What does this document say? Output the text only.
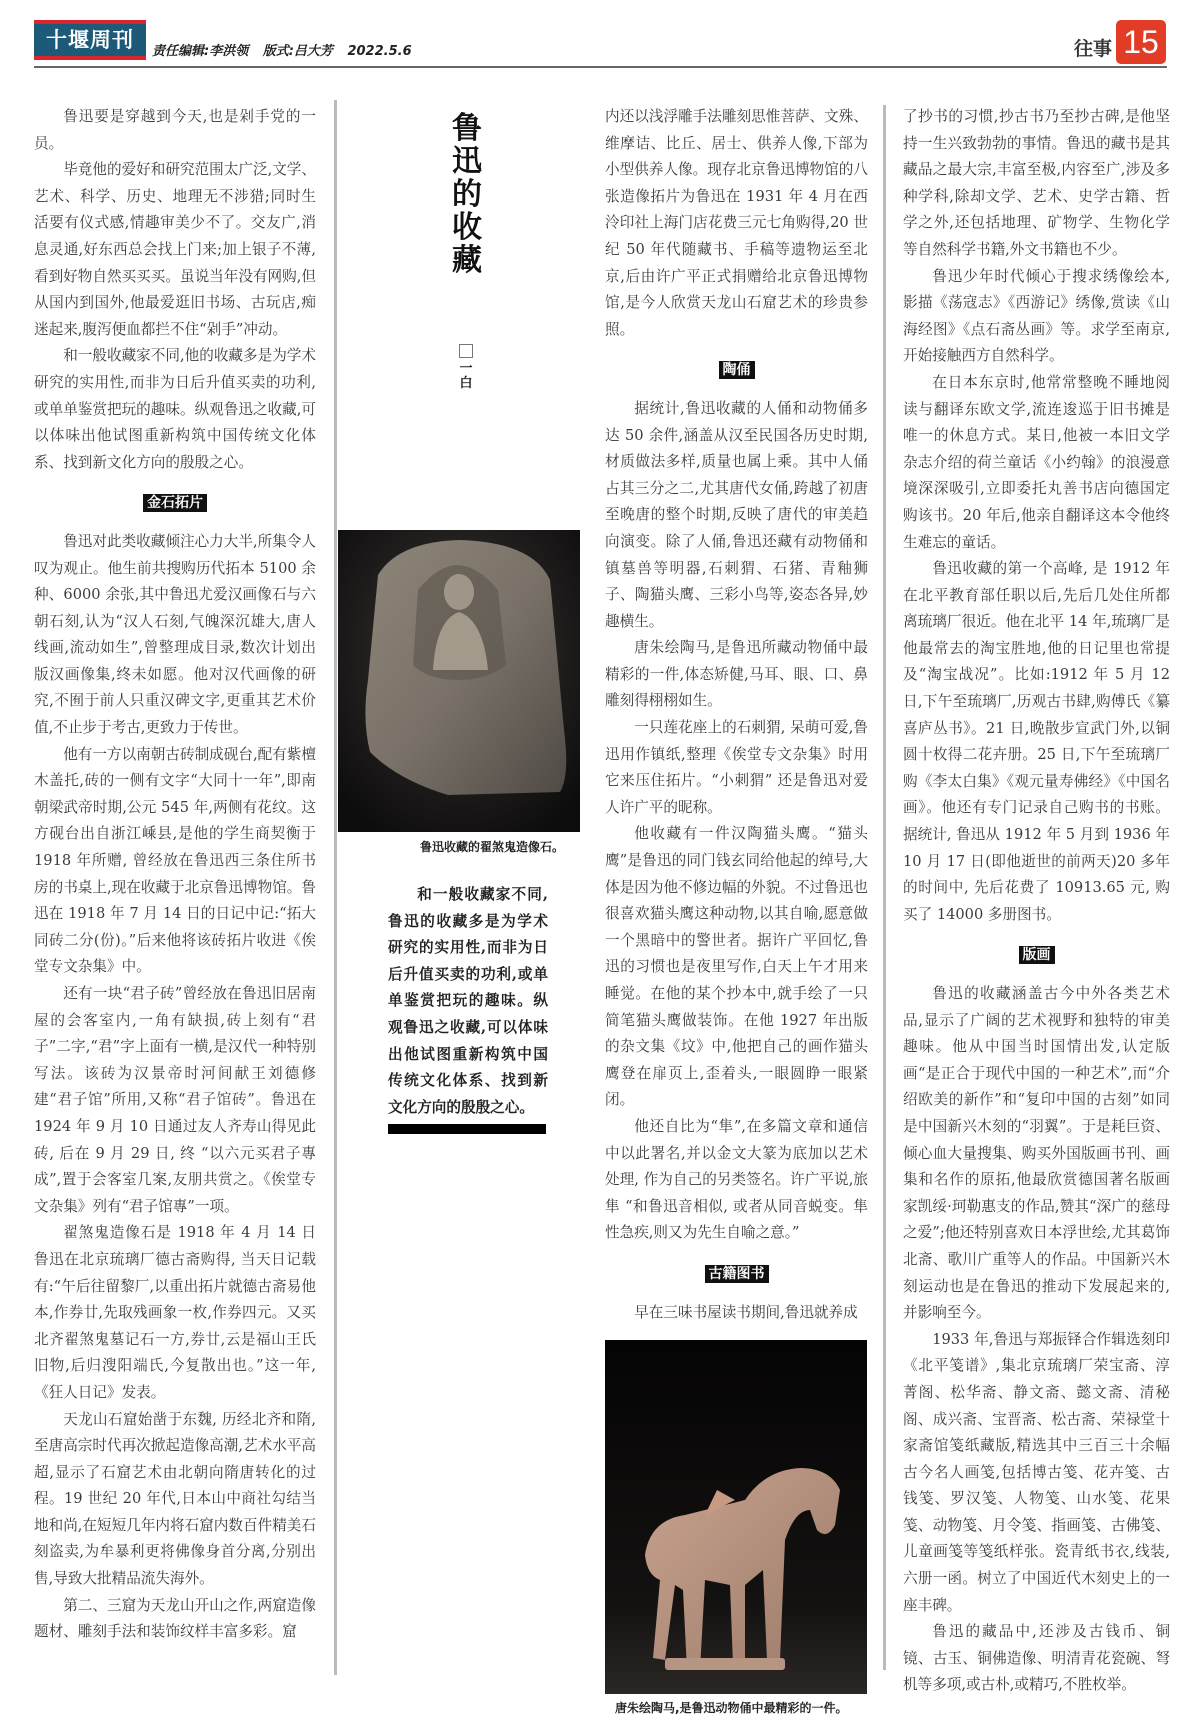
十堰周刊	责任编辑:李洪领 版式:吕大芳 2022.5.6	往事 15

鲁迅要是穿越到今天,也是剁手党的一员。

毕竟他的爱好和研究范围太广泛,文学、艺术、科学、历史、地理无不涉猎;同时生活要有仪式感,情趣审美少不了。交友广,消息灵通,好东西总会找上门来;加上银子不薄,看到好物自然买买买。虽说当年没有网购,但从国内到国外,他最爱逛旧书场、古玩店,痴迷起来,腹泻便血都拦不住“剁手”冲动。

和一般收藏家不同,他的收藏多是为学术研究的实用性,而非为日后升值买卖的功利,或单单鉴赏把玩的趣味。纵观鲁迅之收藏,可以体味出他试图重新构筑中国传统文化体系、找到新文化方向的殷殷之心。

金石拓片

鲁迅对此类收藏倾注心力大半,所集令人叹为观止。他生前共搜购历代拓本 5100 余种、6000 余张,其中鲁迅尤爱汉画像石与六朝石刻,认为“汉人石刻,气魄深沉雄大,唐人线画,流动如生”,曾整理成目录,数次计划出版汉画像集,终未如愿。他对汉代画像的研究,不囿于前人只重汉碑文字,更重其艺术价值,不止步于考古,更致力于传世。

他有一方以南朝古砖制成砚台,配有紫檀木盖托,砖的一侧有文字“大同十一年”,即南朝梁武帝时期,公元 545 年,两侧有花纹。这方砚台出自浙江嵊县,是他的学生商契衡于 1918 年所赠, 曾经放在鲁迅西三条住所书房的书桌上,现在收藏于北京鲁迅博物馆。鲁迅在 1918 年 7 月 14 日的日记中记:“拓大同砖二分(份)。”后来他将该砖拓片收进《俟堂专文杂集》中。

还有一块“君子砖”曾经放在鲁迅旧居南屋的会客室内,一角有缺损,砖上刻有“君子”二字,“君”字上面有一横,是汉代一种特别写法。该砖为汉景帝时河间献王刘德修建“君子馆”所用,又称“君子馆砖”。鲁迅在 1924 年 9 月 10 日通过友人齐寿山得见此砖, 后在 9 月 29 日, 终 “以六元买君子專成”,置于会客室几案,友朋共赏之。《俟堂专文杂集》列有“君子馆專”一项。

翟煞鬼造像石是 1918 年 4 月 14 日鲁迅在北京琉璃厂德古斋购得, 当天日记载有:“午后往留黎厂,以重出拓片就德古斋易他本,作券廿,先取残画象一枚,作券四元。又买北齐翟煞鬼墓记石一方,券廿,云是福山王氏旧物,后归溲阳端氏,今复散出也。”这一年,《狂人日记》发表。

天龙山石窟始凿于东魏, 历经北齐和隋,至唐高宗时代再次掀起造像高潮,艺术水平高超,显示了石窟艺术由北朝向隋唐转化的过程。19 世纪 20 年代,日本山中商社勾结当地和尚,在短短几年内将石窟内数百件精美石刻盗卖,为牟暴利更将佛像身首分离,分别出售,导致大批精品流失海外。

第二、三窟为天龙山开山之作,两窟造像题材、雕刻手法和装饰纹样丰富多彩。窟

鲁迅的收藏
一
白
鲁迅收藏的翟煞鬼造像石。

和一般收藏家不同,鲁迅的收藏多是为学术研究的实用性,而非为日后升值买卖的功利,或单单鉴赏把玩的趣味。纵观鲁迅之收藏,可以体味出他试图重新构筑中国传统文化体系、找到新文化方向的殷殷之心。

内还以浅浮雕手法雕刻思惟菩萨、文殊、维摩诘、比丘、居士、供养人像,下部为小型供养人像。现存北京鲁迅博物馆的八张造像拓片为鲁迅在 1931 年 4 月在西泠印社上海门店花费三元七角购得,20 世纪 50 年代随藏书、手稿等遗物运至北京,后由许广平正式捐赠给北京鲁迅博物馆,是今人欣赏天龙山石窟艺术的珍贵参照。

陶俑

据统计,鲁迅收藏的人俑和动物俑多达 50 余件,涵盖从汉至民国各历史时期,材质做法多样,质量也属上乘。其中人俑占其三分之二,尤其唐代女俑,跨越了初唐至晚唐的整个时期,反映了唐代的审美趋向演变。除了人俑,鲁迅还藏有动物俑和镇墓兽等明器,石刺猬、石猪、青釉狮子、陶猫头鹰、三彩小鸟等,姿态各异,妙趣横生。

唐朱绘陶马,是鲁迅所藏动物俑中最精彩的一件,体态矫健,马耳、眼、口、鼻雕刻得栩栩如生。

一只莲花座上的石刺猬, 呆萌可爱,鲁迅用作镇纸,整理《俟堂专文杂集》时用它来压住拓片。“小刺猬” 还是鲁迅对爱人许广平的昵称。

他收藏有一件汉陶猫头鹰。“猫头鹰”是鲁迅的同门钱玄同给他起的绰号,大体是因为他不修边幅的外貌。不过鲁迅也很喜欢猫头鹰这种动物,以其自喻,愿意做一个黑暗中的警世者。据许广平回忆,鲁迅的习惯也是夜里写作,白天上午才用来睡觉。在他的某个抄本中,就手绘了一只简笔猫头鹰做装饰。在他 1927 年出版的杂文集《坟》中,他把自己的画作猫头鹰登在扉页上,歪着头,一眼圆睁一眼紧闭。

他还自比为“隼”,在多篇文章和通信中以此署名,并以金文大篆为底加以艺术处理, 作为自己的另类签名。许广平说,旅隼 “和鲁迅音相似, 或者从同音蜕变。隼性急疾,则又为先生自喻之意。”

古籍图书

早在三味书屋读书期间,鲁迅就养成

唐朱绘陶马,是鲁迅动物俑中最精彩的一件。

了抄书的习惯,抄古书乃至抄古碑,是他坚持一生兴致勃勃的事情。鲁迅的藏书是其藏品之最大宗,丰富至极,内容至广,涉及多种学科,除却文学、艺术、史学古籍、哲学之外,还包括地理、矿物学、生物化学等自然科学书籍,外文书籍也不少。

鲁迅少年时代倾心于搜求绣像绘本,影描《荡寇志》《西游记》绣像,赏读《山海经图》《点石斋丛画》等。求学至南京,开始接触西方自然科学。

在日本东京时,他常常整晚不睡地阅读与翻译东欧文学,流连逡巡于旧书摊是唯一的休息方式。某日,他被一本旧文学杂志介绍的荷兰童话《小约翰》的浪漫意境深深吸引,立即委托丸善书店向德国定购该书。20 年后,他亲自翻译这本令他终生难忘的童话。

鲁迅收藏的第一个高峰, 是 1912 年在北平教育部任职以后,先后几处住所都离琉璃厂很近。他在北平 14 年,琉璃厂是他最常去的淘宝胜地,他的日记里也常提及“淘宝战况”。比如:1912 年 5 月 12 日,下午至琉璃厂,历观古书肆,购傅氏《纂喜庐丛书》。21 日,晚散步宣武门外,以铜圆十枚得二花卉册。25 日,下午至琉璃厂购《李太白集》《观元量寿佛经》《中国名画》。他还有专门记录自己购书的书账。据统计, 鲁迅从 1912 年 5 月到 1936 年 10 月 17 日(即他逝世的前两天)20 多年的时间中, 先后花费了 10913.65 元, 购买了 14000 多册图书。

版画

鲁迅的收藏涵盖古今中外各类艺术品,显示了广阔的艺术视野和独特的审美趣味。他从中国当时国情出发,认定版画“是正合于现代中国的一种艺术”,而“介绍欧美的新作”和“复印中国的古刻”如同是中国新兴木刻的“羽翼”。于是耗巨资、倾心血大量搜集、购买外国版画书刊、画集和名作的原拓,他最欣赏德国著名版画家凯绥·珂勒惠支的作品,赞其“深广的慈母之爱”;他还特别喜欢日本浮世绘,尤其葛饰北斋、歌川广重等人的作品。中国新兴木刻运动也是在鲁迅的推动下发展起来的,并影响至今。

1933 年,鲁迅与郑振铎合作辑选刻印《北平笺谱》,集北京琉璃厂荣宝斋、淳菁阁、松华斋、静文斋、懿文斋、清秘阁、成兴斋、宝晋斋、松古斋、荣禄堂十家斋馆笺纸藏版,精选其中三百三十余幅古今名人画笺,包括博古笺、花卉笺、古钱笺、罗汉笺、人物笺、山水笺、花果笺、动物笺、月令笺、指画笺、古佛笺、儿童画笺等笺纸样张。瓷青纸书衣,线装,六册一函。树立了中国近代木刻史上的一座丰碑。

鲁迅的藏品中,还涉及古钱币、铜镜、古玉、铜佛造像、明清青花瓷碗、弩机等多项,或古朴,或精巧,不胜枚举。
